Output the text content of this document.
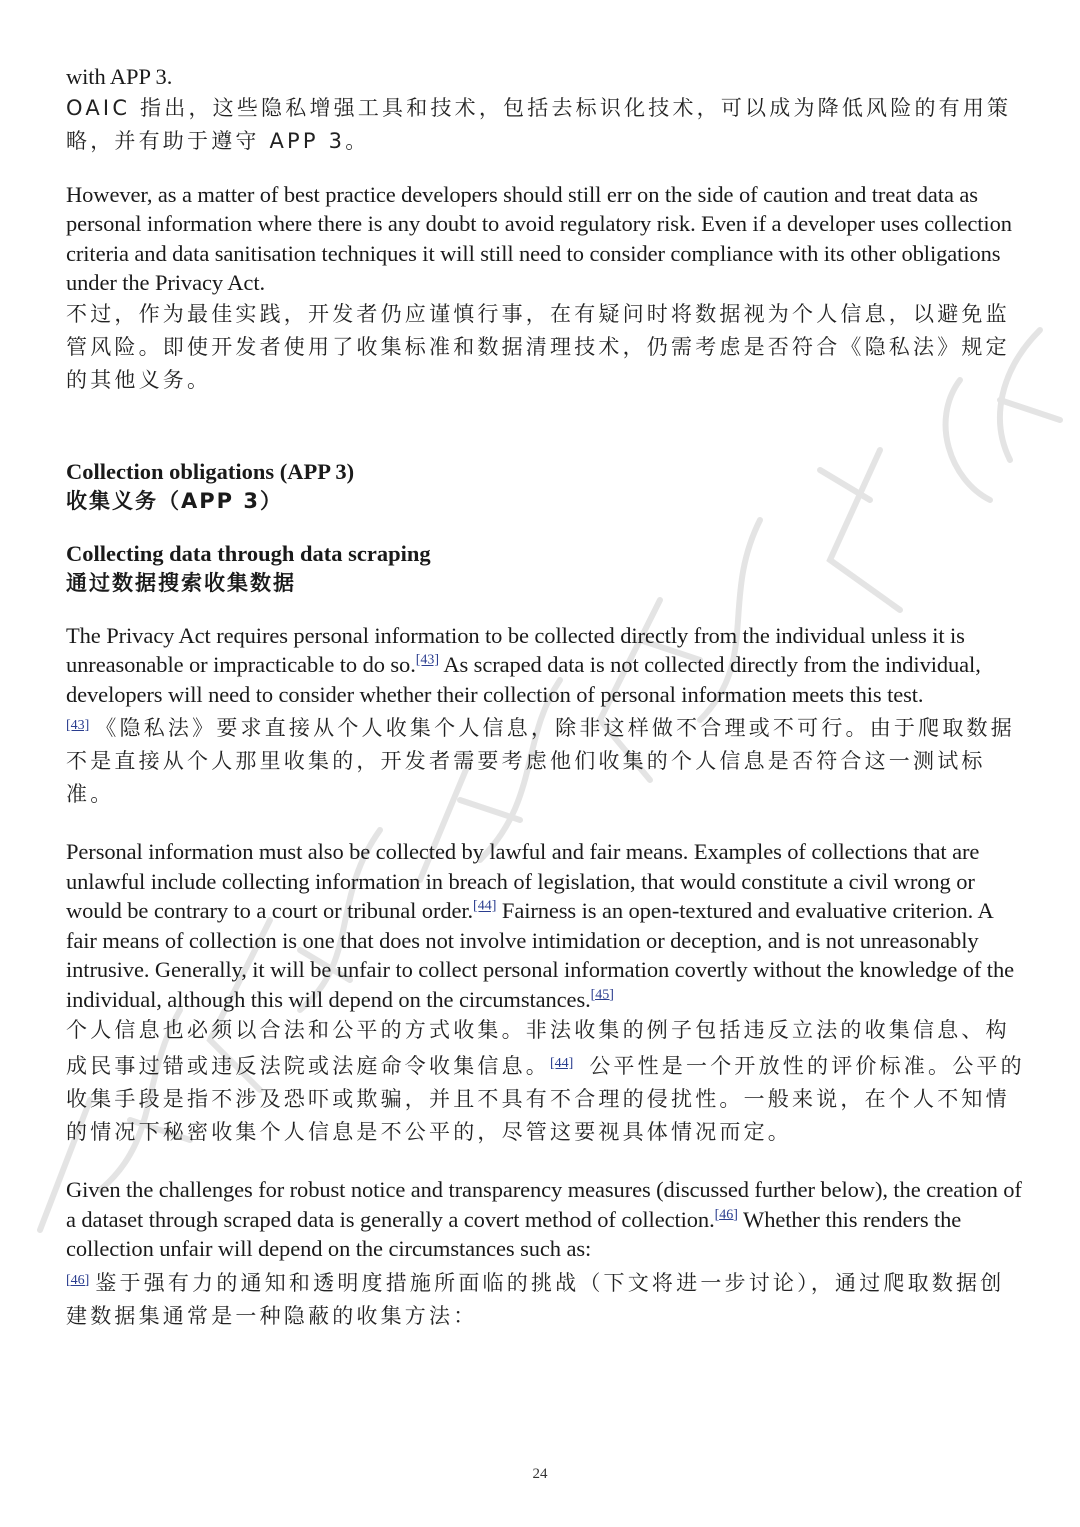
with APP 3.

OAIC 指出，这些隐私增强工具和技术，包括去标识化技术，可以成为降低风险的有用策略，并有助于遵守 APP 3。

However, as a matter of best practice developers should still err on the side of caution and treat data as personal information where there is any doubt to avoid regulatory risk. Even if a developer uses collection criteria and data sanitisation techniques it will still need to consider compliance with its other obligations under the Privacy Act.

不过，作为最佳实践，开发者仍应谨慎行事，在有疑问时将数据视为个人信息，以避免监管风险。即使开发者使用了收集标准和数据清理技术，仍需考虑是否符合《隐私法》规定的其他义务。

Collection obligations (APP 3)

收集义务（APP 3）

Collecting data through data scraping

通过数据搜索收集数据

The Privacy Act requires personal information to be collected directly from the individual unless it is unreasonable or impracticable to do so.[43] As scraped data is not collected directly from the individual, developers will need to consider whether their collection of personal information meets this test.

[43] 《隐私法》要求直接从个人收集个人信息，除非这样做不合理或不可行。由于爬取数据不是直接从个人那里收集的，开发者需要考虑他们收集的个人信息是否符合这一测试标准。

Personal information must also be collected by lawful and fair means. Examples of collections that are unlawful include collecting information in breach of legislation, that would constitute a civil wrong or would be contrary to a court or tribunal order.[44] Fairness is an open-textured and evaluative criterion. A fair means of collection is one that does not involve intimidation or deception, and is not unreasonably intrusive. Generally, it will be unfair to collect personal information covertly without the knowledge of the individual, although this will depend on the circumstances.[45]

个人信息也必须以合法和公平的方式收集。非法收集的例子包括违反立法的收集信息、构成民事过错或违反法院或法庭命令收集信息。[44] 公平性是一个开放性的评价标准。公平的收集手段是指不涉及恐吓或欺骗，并且不具有不合理的侵扰性。一般来说，在个人不知情的情况下秘密收集个人信息是不公平的，尽管这要视具体情况而定。

Given the challenges for robust notice and transparency measures (discussed further below), the creation of a dataset through scraped data is generally a covert method of collection.[46] Whether this renders the collection unfair will depend on the circumstances such as:

[46] 鉴于强有力的通知和透明度措施所面临的挑战（下文将进一步讨论），通过爬取数据创建数据集通常是一种隐蔽的收集方法：

24
